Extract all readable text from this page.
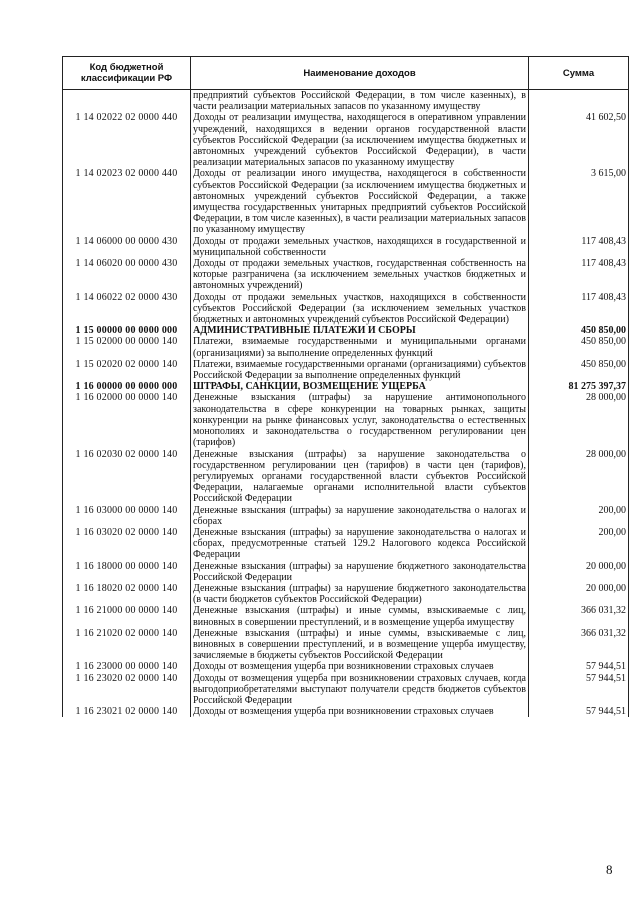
Код бюджетной классификации РФ	Наименование доходов	Сумма
	предприятий субъектов Российской Федерации, в том числе казенных), в части реализации материальных запасов по указанному имуществу	
1 14 02022 02 0000 440	Доходы от реализации имущества, находящегося в оперативном управлении учреждений, находящихся в ведении органов государственной власти субъектов Российской Федерации (за исключением имущества бюджетных и автономных учреждений субъектов Российской Федерации), в части реализации материальных запасов по указанному имуществу	41 602,50
1 14 02023 02 0000 440	Доходы от реализации иного имущества, находящегося в собственности субъектов Российской Федерации (за исключением имущества бюджетных и автономных учреждений субъектов Российской Федерации, а также имущества государственных унитарных предприятий субъектов Российской Федерации, в том числе казенных), в части реализации материальных запасов по указанному имуществу	3 615,00
1 14 06000 00 0000 430	Доходы от продажи земельных участков, находящихся в государственной и муниципальной собственности	117 408,43
1 14 06020 00 0000 430	Доходы от продажи земельных участков, государственная собственность на которые разграничена (за исключением земельных участков бюджетных и автономных учреждений)	117 408,43
1 14 06022 02 0000 430	Доходы от продажи земельных участков, находящихся в собственности субъектов Российской Федерации (за исключением земельных участков бюджетных и автономных учреждений субъектов Российской Федерации)	117 408,43
1 15 00000 00 0000 000	АДМИНИСТРАТИВНЫЕ ПЛАТЕЖИ И СБОРЫ	450 850,00
1 15 02000 00 0000 140	Платежи, взимаемые государственными и муниципальными органами (организациями) за выполнение определенных функций	450 850,00
1 15 02020 02 0000 140	Платежи, взимаемые государственными органами (организациями) субъектов Российской Федерации за выполнение определенных функций	450 850,00
1 16 00000 00 0000 000	ШТРАФЫ, САНКЦИИ, ВОЗМЕЩЕНИЕ УЩЕРБА	81 275 397,37
1 16 02000 00 0000 140	Денежные взыскания (штрафы) за нарушение антимонопольного законодательства в сфере конкуренции на товарных рынках, защиты конкуренции на рынке финансовых услуг, законодательства о естественных монополиях и законодательства о государственном регулировании цен (тарифов)	28 000,00
1 16 02030 02 0000 140	Денежные взыскания (штрафы) за нарушение законодательства о государственном регулировании цен (тарифов) в части цен (тарифов), регулируемых органами государственной власти субъектов Российской Федерации, налагаемые органами исполнительной власти субъектов Российской Федерации	28 000,00
1 16 03000 00 0000 140	Денежные взыскания (штрафы) за нарушение законодательства о налогах и сборах	200,00
1 16 03020 02 0000 140	Денежные взыскания (штрафы) за нарушение законодательства о налогах и сборах, предусмотренные статьей 129.2 Налогового кодекса Российской Федерации	200,00
1 16 18000 00 0000 140	Денежные взыскания (штрафы) за нарушение бюджетного законодательства Российской Федерации	20 000,00
1 16 18020 02 0000 140	Денежные взыскания (штрафы) за нарушение бюджетного законодательства (в части бюджетов субъектов Российской Федерации)	20 000,00
1 16 21000 00 0000 140	Денежные взыскания (штрафы) и иные суммы, взыскиваемые с лиц, виновных в совершении преступлений, и в возмещение ущерба имуществу	366 031,32
1 16 21020 02 0000 140	Денежные взыскания (штрафы) и иные суммы, взыскиваемые с лиц, виновных в совершении преступлений, и в возмещение ущерба имуществу, зачисляемые в бюджеты субъектов Российской Федерации	366 031,32
1 16 23000 00 0000 140	Доходы от возмещения ущерба при возникновении страховых случаев	57 944,51
1 16 23020 02 0000 140	Доходы от возмещения ущерба при возникновении страховых случаев, когда выгодоприобретателями выступают получатели средств бюджетов субъектов Российской Федерации	57 944,51
1 16 23021 02 0000 140	Доходы от возмещения ущерба при возникновении страховых случаев	57 944,51
8
